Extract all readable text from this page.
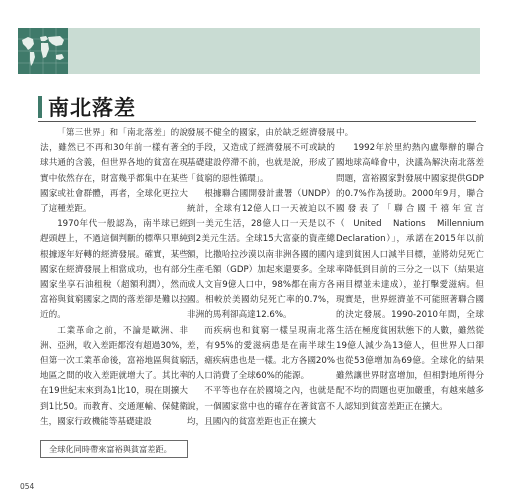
南北落差

「第三世界」和「南北落差」的說法，雖然已不再和30年前一樣有著全球共通的含義，但世界各地的貧富在現實中依然存在，財富幾乎都集中在某些國家或社會群體，再者，全球化更拉大了這種差距。

1970年代一般認為，南半球已經趕頭趕上，不過這個判斷的標準只單純根據逐年好轉的經濟發展。確實，某些國家在經濟發展上相當成功，也有部分國家坐享石油租稅（超額利潤），然而富裕與貧窮國家之間的落差卻是難以拉近的。

工業革命之前，不論是歐洲、非洲、亞洲，收入差距都沒有超過30%，但第一次工業革命後，富裕地區與貧窮地區之間的收入差距就增大了。其比率在19世紀末來到為1比10，現在則擴大到1比50。而教育、交通運輸、保健衛生，國家行政機能等基礎建設

發展不健全的國家，由於缺乏經濟發展的手段，又造成了經濟發展不可或缺的基礎建設停滯不前，也就是說，形成了「貧窮的惡性循環」。

根據聯合國開發計畫署（UNDP）統計，全球有12億人口一天被迫以不到一美元生活，28億人口一天是以不到2美元生活。全球15大富豪的資產總額，比撒哈拉沙漠以南非洲各國的國內生產毛額（GDP）加起來還要多。全球成人文盲9億人口中，98%都在南方各國。相較於美國幼兒死亡率的0.7%，非洲的馬利卻高達12.6%。

而疾病也和貧窮一樣呈現南北落差，有95%的愛滋病患是在南半球生活，瘧疾病患也是一樣。北方各國20%的人口消費了全球60%的能源。

不平等也存在於國境之內，也就是說，一個國家當中也的確存在著貧富不均，且國內的貧富差距也正在擴大

中。

1992年於里約熱內盧舉辦的聯合國地球高峰會中，決議為解決南北落差問題，富裕國家對發展中國家提供GDP的0.7%作為援助。2000年9月，聯合國發表了「聯合國千禧年宣言（United Nations Millennium Declaration）」，承諾在2015年以前達到貧困人口減半目標，並將幼兒死亡率降低到目前的三分之一以下（結果這兩目標並未達成），並打擊愛滋病。但現實是，世界經濟並不可能照著聯合國的決定發展。1990-2010年間，全球生活在極度貧困狀態下的人數，雖然從19億人減少為13億人，但世界人口卻也從53億增加為69億。全球化的結果雖然讓世界財富增加，但相對地所得分配不均的問題也更加嚴重，有越來越多人認知到貧富差距正在擴大。

全球化同時帶來富裕與貧富差距。
054
